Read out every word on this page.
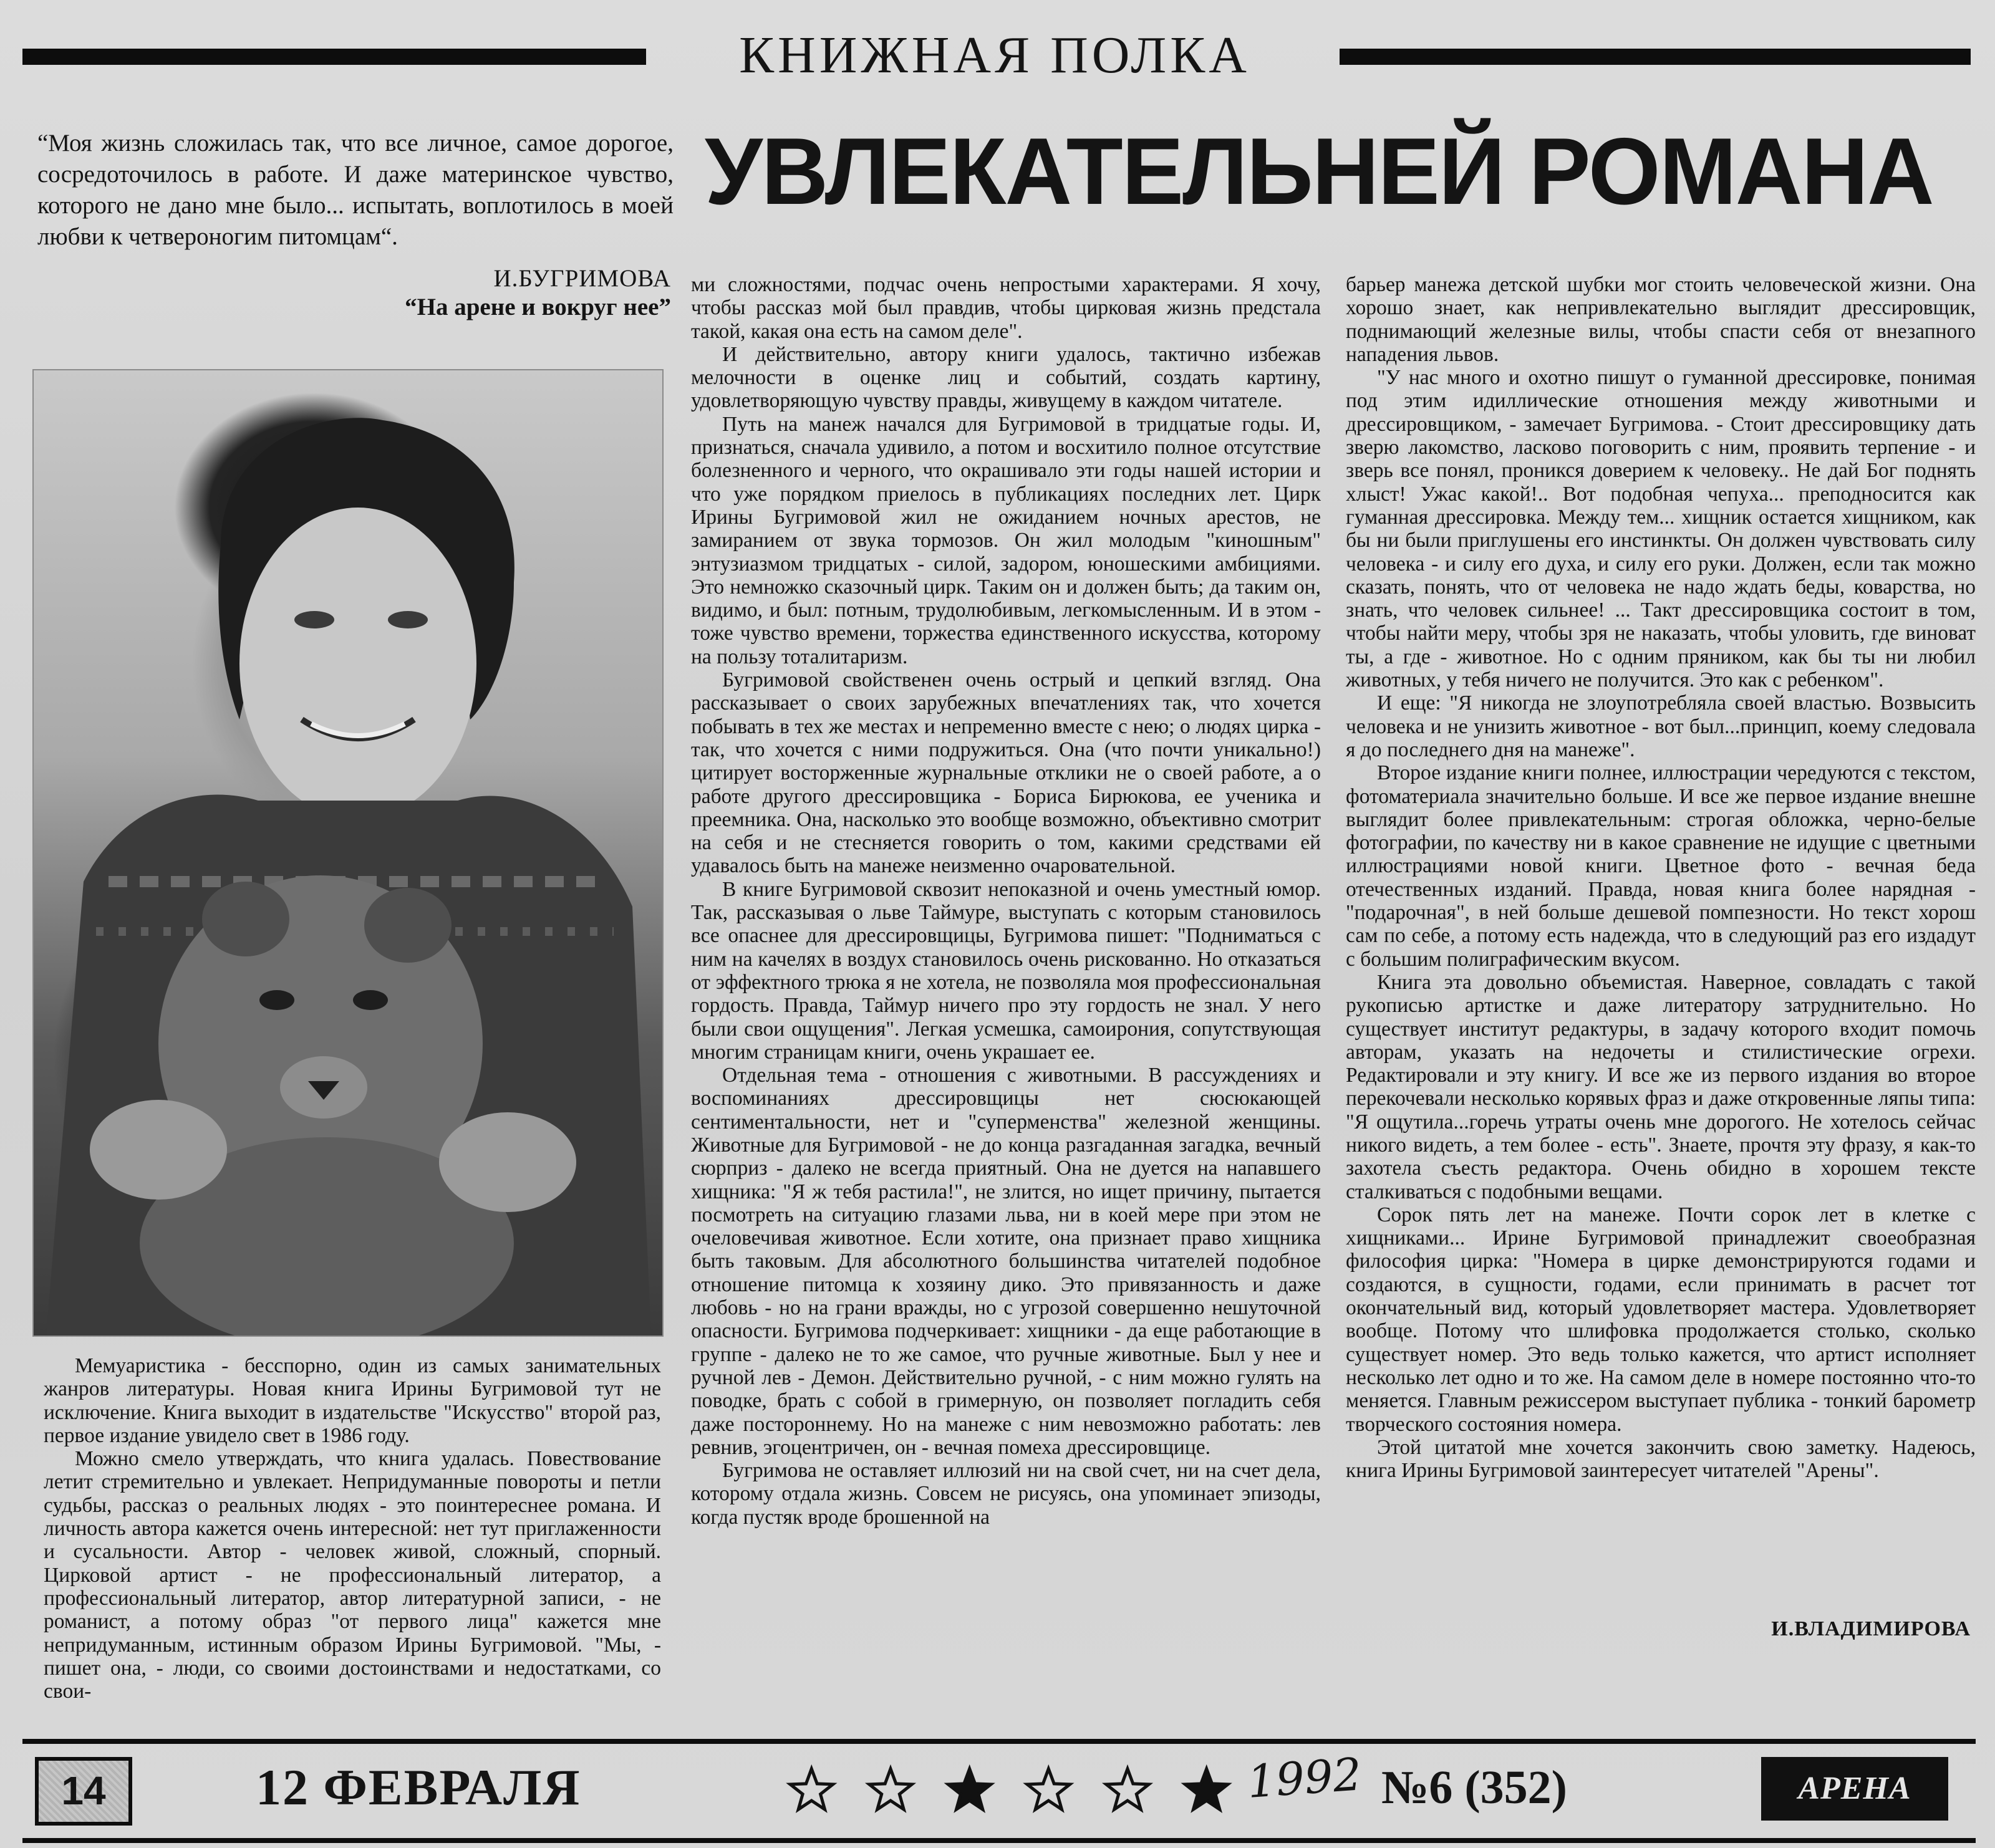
КНИЖНАЯ ПОЛКА
“Моя жизнь сложилась так, что все личное, самое дорогое, сосредоточилось в работе. И даже материнское чувство, которого не дано мне было... испытать, воплотилось в моей любви к четвероногим питомцам“.
И.БУГРИМОВА
“На арене и вокруг нее”
УВЛЕКАТЕЛЬНЕЙ РОМАНА

Мемуаристика - бесспорно, один из самых занимательных жанров литературы. Новая книга Ирины Бугримовой тут не исключение. Книга выходит в издательстве "Искусство" второй раз, первое издание увидело свет в 1986 году.

Можно смело утверждать, что книга удалась. Повествование летит стремительно и увлекает. Непридуманные повороты и петли судьбы, рассказ о реальных людях - это поинтереснее романа. И личность автора кажется очень интересной: нет тут приглаженности и сусальности. Автор - человек живой, сложный, спорный. Цирковой артист - не профессиональный литератор, а профессиональный литератор, автор литературной записи, - не романист, а потому образ "от первого лица" кажется мне непридуманным, истинным образом Ирины Бугримовой. "Мы, - пишет она, - люди, со своими достоинствами и недостатками, со свои-

ми сложностями, подчас очень непростыми характерами. Я хочу, чтобы рассказ мой был правдив, чтобы цирковая жизнь предстала такой, какая она есть на самом деле".

И действительно, автору книги удалось, тактично избежав мелочности в оценке лиц и событий, создать картину, удовлетворяющую чувству правды, живущему в каждом читателе.

Путь на манеж начался для Бугримовой в тридцатые годы. И, признаться, сначала удивило, а потом и восхитило полное отсутствие болезненного и черного, что окрашивало эти годы нашей истории и что уже порядком приелось в публикациях последних лет. Цирк Ирины Бугримовой жил не ожиданием ночных арестов, не замиранием от звука тормозов. Он жил молодым "киношным" энтузиазмом тридцатых - силой, задором, юношескими амбициями. Это немножко сказочный цирк. Таким он и должен быть; да таким он, видимо, и был: потным, трудолюбивым, легкомысленным. И в этом - тоже чувство времени, торжества единственного искусства, которому на пользу тоталитаризм.

Бугримовой свойственен очень острый и цепкий взгляд. Она рассказывает о своих зарубежных впечатлениях так, что хочется побывать в тех же местах и непременно вместе с нею; о людях цирка - так, что хочется с ними подружиться. Она (что почти уникально!) цитирует восторженные журнальные отклики не о своей работе, а о работе другого дрессировщика - Бориса Бирюкова, ее ученика и преемника. Она, насколько это вообще возможно, объективно смотрит на себя и не стесняется говорить о том, какими средствами ей удавалось быть на манеже неизменно очаровательной.

В книге Бугримовой сквозит непоказной и очень уместный юмор. Так, рассказывая о льве Таймуре, выступать с которым становилось все опаснее для дрессировщицы, Бугримова пишет: "Подниматься с ним на качелях в воздух становилось очень рискованно. Но отказаться от эффектного трюка я не хотела, не позволяла моя профессиональная гордость. Правда, Таймур ничего про эту гордость не знал. У него были свои ощущения". Легкая усмешка, самоирония, сопутствующая многим страницам книги, очень украшает ее.

Отдельная тема - отношения с животными. В рассуждениях и воспоминаниях дрессировщицы нет сюсюкающей сентиментальности, нет и "суперменства" железной женщины. Животные для Бугримовой - не до конца разгаданная загадка, вечный сюрприз - далеко не всегда приятный. Она не дуется на напавшего хищника: "Я ж тебя растила!", не злится, но ищет причину, пытается посмотреть на ситуацию глазами льва, ни в коей мере при этом не очеловечивая животное. Если хотите, она признает право хищника быть таковым. Для абсолютного большинства читателей подобное отношение питомца к хозяину дико. Это привязанность и даже любовь - но на грани вражды, но с угрозой совершенно нешуточной опасности. Бугримова подчеркивает: хищники - да еще работающие в группе - далеко не то же самое, что ручные животные. Был у нее и ручной лев - Демон. Действительно ручной, - с ним можно гулять на поводке, брать с собой в гримерную, он позволяет погладить себя даже постороннему. Но на манеже с ним невозможно работать: лев ревнив, эгоцентричен, он - вечная помеха дрессировщице.

Бугримова не оставляет иллюзий ни на свой счет, ни на счет дела, которому отдала жизнь. Совсем не рисуясь, она упоминает эпизоды, когда пустяк вроде брошенной на

барьер манежа детской шубки мог стоить человеческой жизни. Она хорошо знает, как непривлекательно выглядит дрессировщик, поднимающий железные вилы, чтобы спасти себя от внезапного нападения львов.

"У нас много и охотно пишут о гуманной дрессировке, понимая под этим идиллические отношения между животными и дрессировщиком, - замечает Бугримова. - Стоит дрессировщику дать зверю лакомство, ласково поговорить с ним, проявить терпение - и зверь все понял, проникся доверием к человеку.. Не дай Бог поднять хлыст! Ужас какой!.. Вот подобная чепуха... преподносится как гуманная дрессировка. Между тем... хищник остается хищником, как бы ни были приглушены его инстинкты. Он должен чувствовать силу человека - и силу его духа, и силу его руки. Должен, если так можно сказать, понять, что от человека не надо ждать беды, коварства, но знать, что человек сильнее! ... Такт дрессировщика состоит в том, чтобы найти меру, чтобы зря не наказать, чтобы уловить, где виноват ты, а где - животное. Но с одним пряником, как бы ты ни любил животных, у тебя ничего не получится. Это как с ребенком".

И еще: "Я никогда не злоупотребляла своей властью. Возвысить человека и не унизить животное - вот был...принцип, коему следовала я до последнего дня на манеже".

Второе издание книги полнее, иллюстрации чередуются с текстом, фотоматериала значительно больше. И все же первое издание внешне выглядит более привлекательным: строгая обложка, черно-белые фотографии, по качеству ни в какое сравнение не идущие с цветными иллюстрациями новой книги. Цветное фото - вечная беда отечественных изданий. Правда, новая книга более нарядная - "подарочная", в ней больше дешевой помпезности. Но текст хорош сам по себе, а потому есть надежда, что в следующий раз его издадут с большим полиграфическим вкусом.

Книга эта довольно объемистая. Наверное, совладать с такой рукописью артистке и даже литератору затруднительно. Но существует институт редактуры, в задачу которого входит помочь авторам, указать на недочеты и стилистические огрехи. Редактировали и эту книгу. И все же из первого издания во второе перекочевали несколько корявых фраз и даже откровенные ляпы типа: "Я ощутила...горечь утраты очень мне дорогого. Не хотелось сейчас никого видеть, а тем более - есть". Знаете, прочтя эту фразу, я как-то захотела съесть редактора. Очень обидно в хорошем тексте сталкиваться с подобными вещами.

Сорок пять лет на манеже. Почти сорок лет в клетке с хищниками... Ирине Бугримовой принадлежит своеобразная философия цирка: "Номера в цирке демонстрируются годами и создаются, в сущности, годами, если принимать в расчет тот окончательный вид, который удовлетворяет мастера. Удовлетворяет вообще. Потому что шлифовка продолжается столько, сколько существует номер. Это ведь только кажется, что артист исполняет несколько лет одно и то же. На самом деле в номере постоянно что-то меняется. Главным режиссером выступает публика - тонкий барометр творческого состояния номера.

Этой цитатой мне хочется закончить свою заметку. Надеюсь, книга Ирины Бугримовой заинтересует читателей "Арены".

И.ВЛАДИМИРОВА
14	12 ФЕВРАЛЯ	1992 №6 (352)	АРЕНА
